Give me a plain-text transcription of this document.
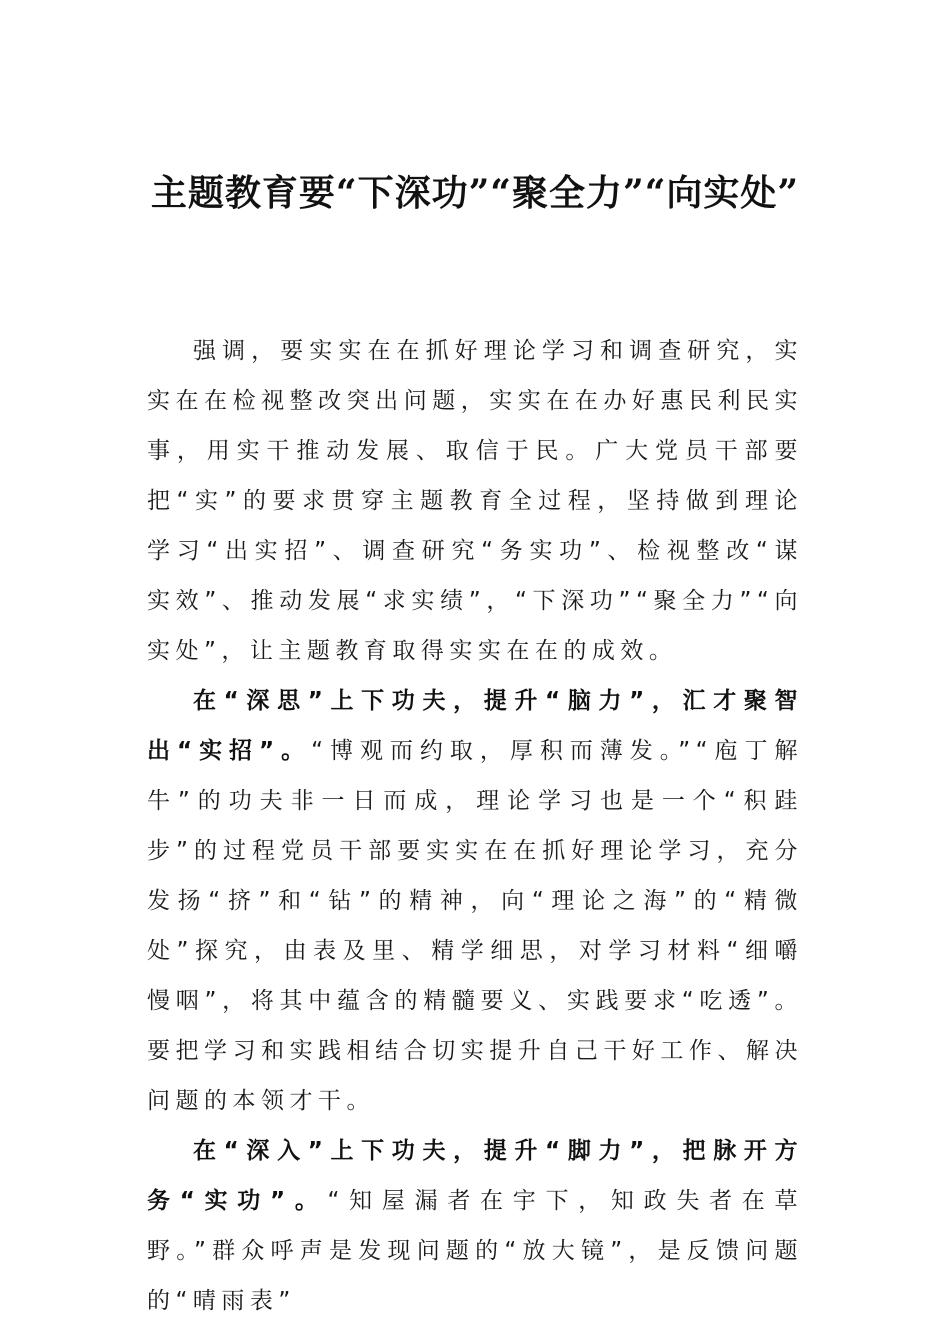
主题教育要“下深功”“聚全力”“向实处”

强调，要实实在在抓好理论学习和调查研究，实实在在检视整改突出问题，实实在在办好惠民利民实事，用实干推动发展、取信于民。广大党员干部要把“实”的要求贯穿主题教育全过程，坚持做到理论学习“出实招”、调查研究“务实功”、检视整改“谋实效”、推动发展“求实绩”，“下深功”“聚全力”“向实处”，让主题教育取得实实在在的成效。

在“深思”上下功夫，提升“脑力”，汇才聚智出“实招”。“博观而约取，厚积而薄发。”“庖丁解牛”的功夫非一日而成，理论学习也是一个“积跬步”的过程党员干部要实实在在抓好理论学习，充分发扬“挤”和“钻”的精神，向“理论之海”的“精微处”探究，由表及里、精学细思，对学习材料“细嚼慢咽”，将其中蕴含的精髓要义、实践要求“吃透”。要把学习和实践相结合切实提升自己干好工作、解决问题的本领才干。

在“深入”上下功夫，提升“脚力”，把脉开方务“实功”。“知屋漏者在宇下，知政失者在草野。”群众呼声是发现问题的“放大镜”，是反馈问题的“晴雨表”
